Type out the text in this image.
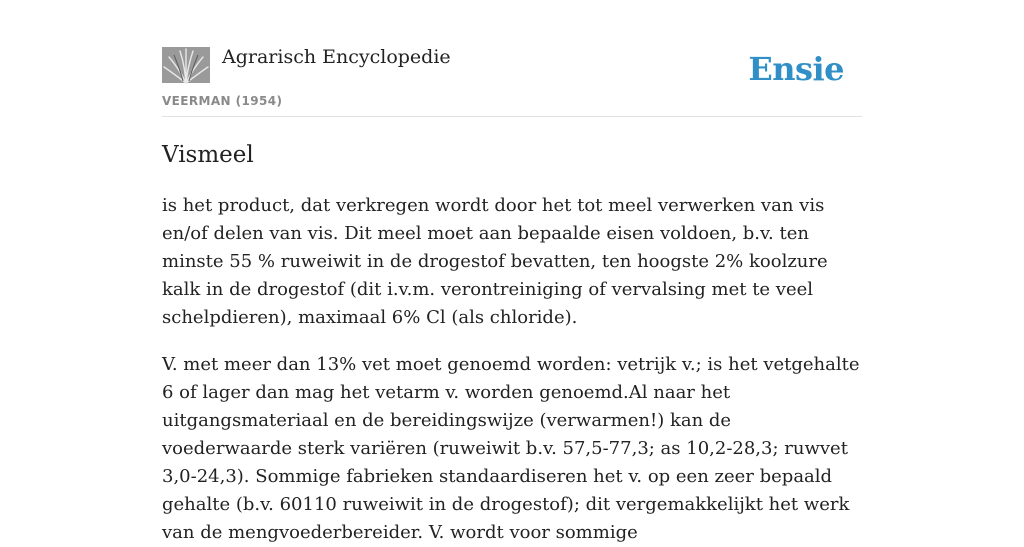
Agrarisch Encyclopedie
VEERMAN (1954)
Ensie
Vismeel

is het product, dat verkregen wordt door het tot meel verwerken van vis en/of delen van vis. Dit meel moet aan bepaalde eisen voldoen, b.v. ten minste 55 % ruweiwit in de drogestof bevatten, ten hoogste 2% koolzure kalk in de drogestof (dit i.v.m. verontreiniging of vervalsing met te veel schelpdieren), maximaal 6% Cl (als chloride).

V. met meer dan 13% vet moet genoemd worden: vetrijk v.; is het vetgehalte 6 of lager dan mag het vetarm v. worden genoemd.Al naar het uitgangsmateriaal en de bereidingswijze (verwarmen!) kan de voederwaarde sterk variëren (ruweiwit b.v. 57,5-77,3; as 10,2-28,3; ruwvet 3,0-24,3). Sommige fabrieken standaardiseren het v. op een zeer bepaald gehalte (b.v. 60110 ruweiwit in de drogestof); dit vergemakkelijkt het werk van de mengvoederbereider. V. wordt voor sommige
